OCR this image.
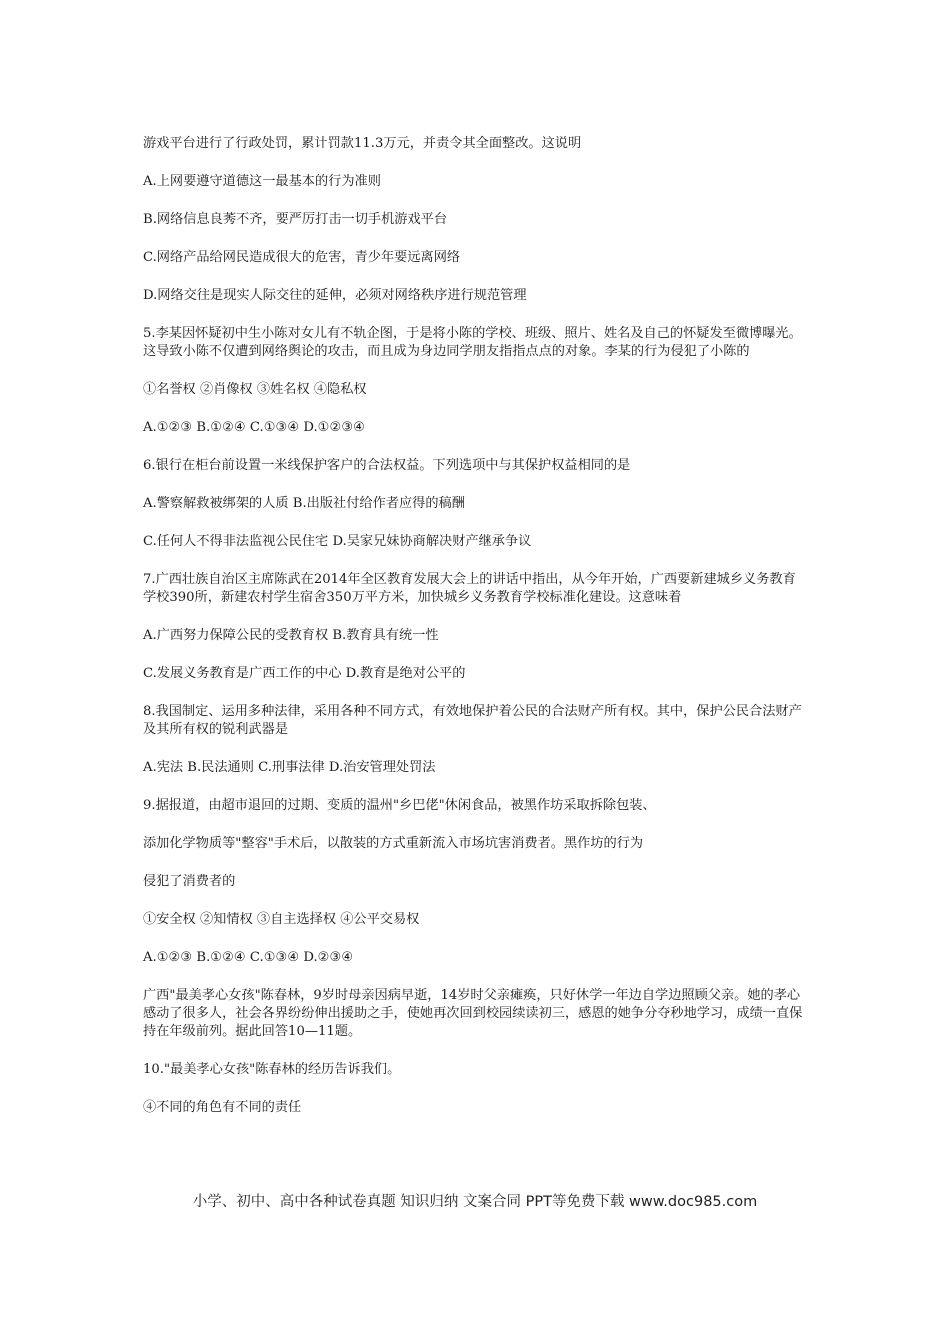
游戏平台进行了行政处罚，累计罚款11.3万元，并责令其全面整改。这说明

A.上网要遵守道德这一最基本的行为准则

B.网络信息良莠不齐，要严厉打击一切手机游戏平台

C.网络产品给网民造成很大的危害，青少年要远离网络

D.网络交往是现实人际交往的延伸，必须对网络秩序进行规范管理

5.李某因怀疑初中生小陈对女儿有不轨企图，于是将小陈的学校、班级、照片、姓名及自己的怀疑发至微博曝光。这导致小陈不仅遭到网络舆论的攻击，而且成为身边同学朋友指指点点的对象。李某的行为侵犯了小陈的

①名誉权 ②肖像权 ③姓名权 ④隐私权

A.①②③ B.①②④ C.①③④ D.①②③④

6.银行在柜台前设置一米线保护客户的合法权益。下列选项中与其保护权益相同的是

A.警察解救被绑架的人质 B.出版社付给作者应得的稿酬

C.任何人不得非法监视公民住宅 D.吴家兄妹协商解决财产继承争议

7.广西壮族自治区主席陈武在2014年全区教育发展大会上的讲话中指出，从今年开始，广西要新建城乡义务教育学校390所，新建农村学生宿舍350万平方米，加快城乡义务教育学校标准化建设。这意味着

A.广西努力保障公民的受教育权 B.教育具有统一性

C.发展义务教育是广西工作的中心 D.教育是绝对公平的

8.我国制定、运用多种法律，采用各种不同方式，有效地保护着公民的合法财产所有权。其中，保护公民合法财产及其所有权的锐利武器是

A.宪法 B.民法通则 C.刑事法律 D.治安管理处罚法

9.据报道，由超市退回的过期、变质的温州"乡巴佬"休闲食品，被黑作坊采取拆除包装、

添加化学物质等"整容"手术后，以散装的方式重新流入市场坑害消费者。黑作坊的行为

侵犯了消费者的

①安全权 ②知情权 ③自主选择权 ④公平交易权

A.①②③ B.①②④ C.①③④ D.②③④

广西"最美孝心女孩"陈春林，9岁时母亲因病早逝，14岁时父亲瘫痪，只好休学一年边自学边照顾父亲。她的孝心感动了很多人，社会各界纷纷伸出援助之手，使她再次回到校园续读初三，感恩的她争分夺秒地学习，成绩一直保持在年级前列。据此回答10—11题。

10."最美孝心女孩"陈春林的经历告诉我们。

④不同的角色有不同的责任

小学、初中、高中各种试卷真题 知识归纳 文案合同 PPT等免费下载 www.doc985.com
